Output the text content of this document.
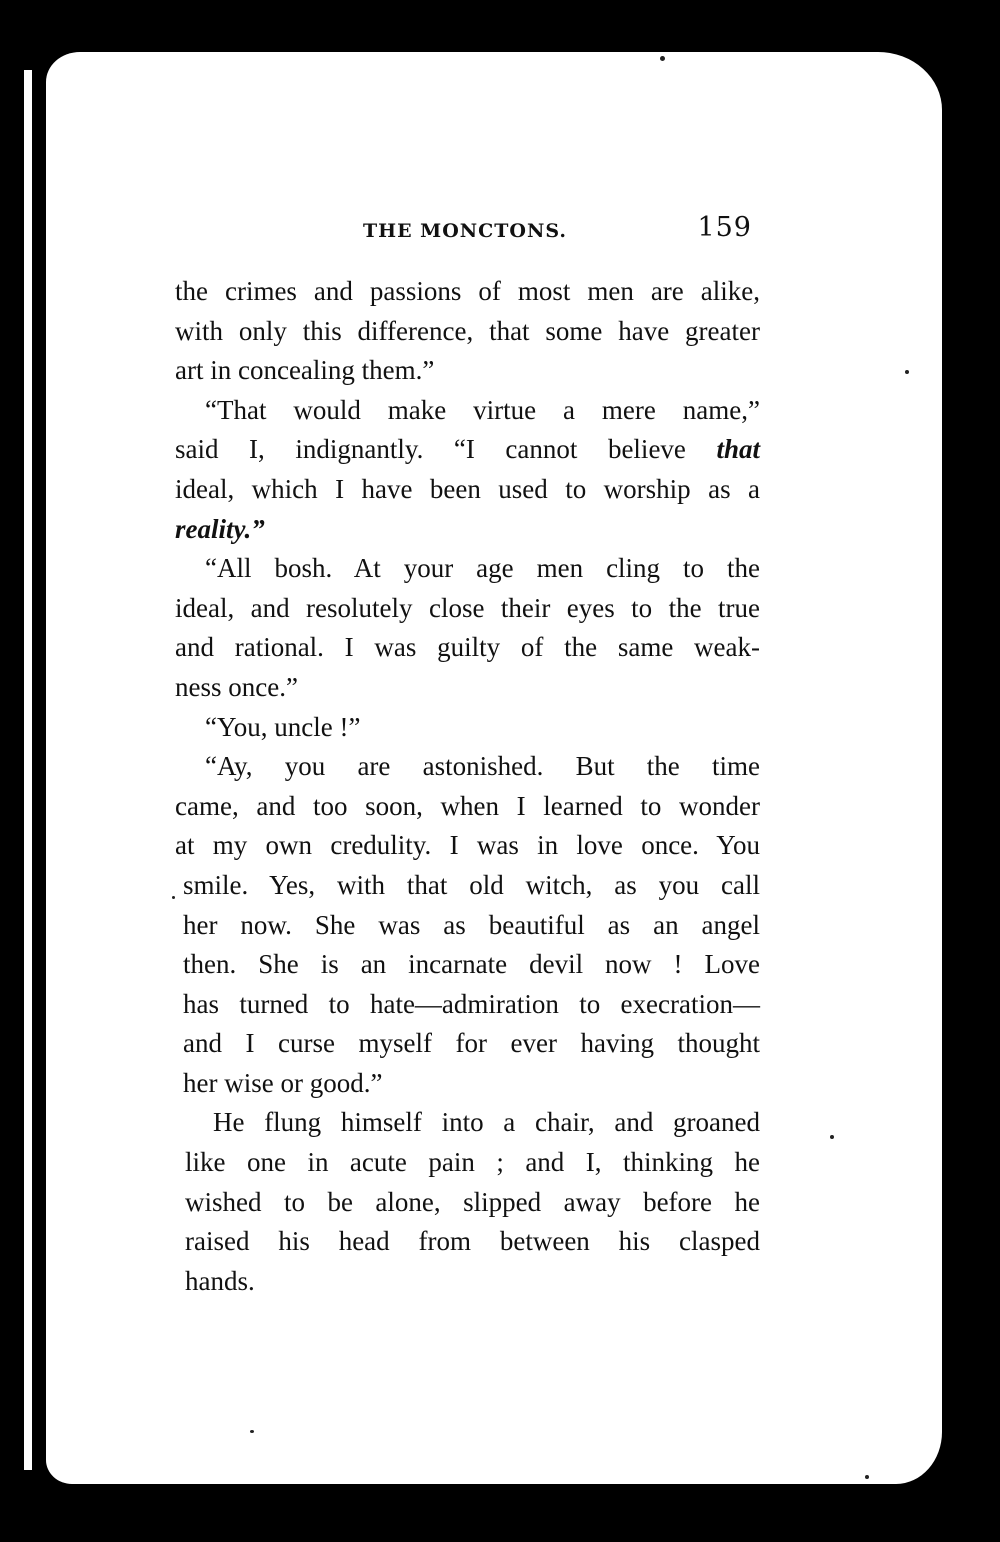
THE MONCTONS.	159
the crimes and passions of most men are alike,
with only this difference, that some have greater
art in concealing them.”
“That would make virtue a mere name,”
said I, indignantly. “I cannot believe that
ideal, which I have been used to worship as a
reality.”
“All bosh. At your age men cling to the
ideal, and resolutely close their eyes to the true
and rational. I was guilty of the same weak-
ness once.”
“You, uncle !”
“Ay, you are astonished. But the time
came, and too soon, when I learned to wonder
at my own credulity. I was in love once. You
smile. Yes, with that old witch, as you call
her now. She was as beautiful as an angel
then. She is an incarnate devil now ! Love
has turned to hate—admiration to execration—
and I curse myself for ever having thought
her wise or good.”
He flung himself into a chair, and groaned
like one in acute pain ; and I, thinking he
wished to be alone, slipped away before he
raised his head from between his clasped
hands.
